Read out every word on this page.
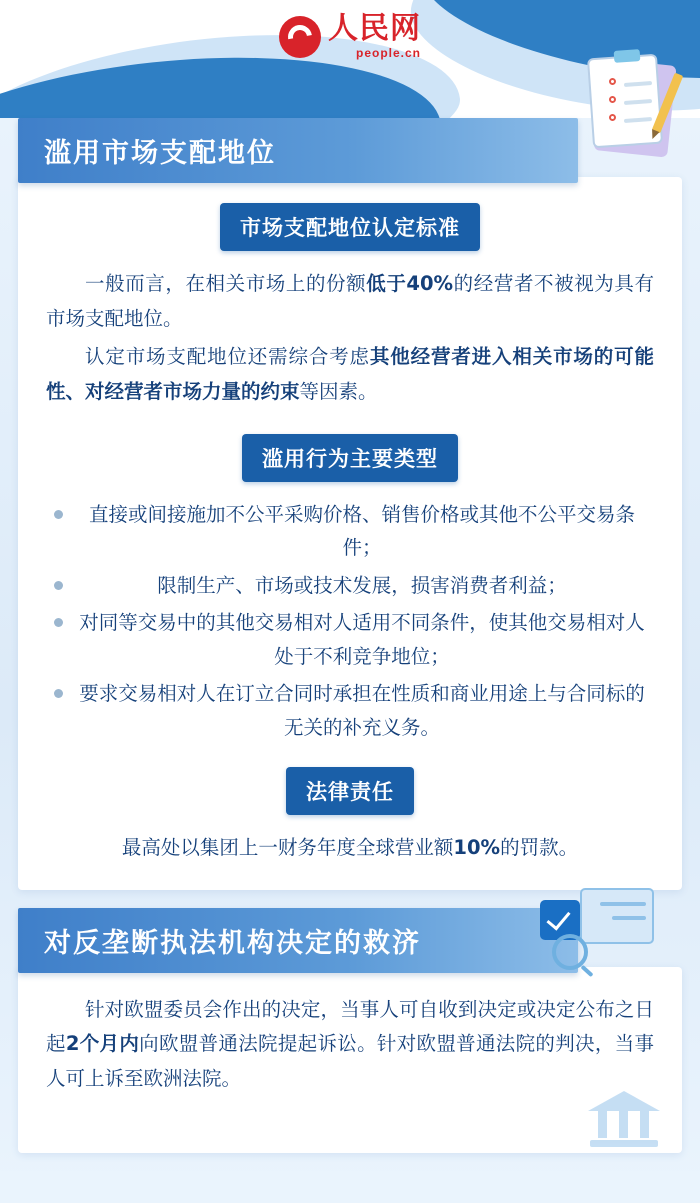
人民网
people.cn
滥用市场支配地位
市场支配地位认定标准

一般而言，在相关市场上的份额低于40%的经营者不被视为具有市场支配地位。

认定市场支配地位还需综合考虑其他经营者进入相关市场的可能性、对经营者市场力量的约束等因素。

滥用行为主要类型
直接或间接施加不公平采购价格、销售价格或其他不公平交易条件；
限制生产、市场或技术发展，损害消费者利益；
对同等交易中的其他交易相对人适用不同条件，使其他交易相对人处于不利竞争地位；
要求交易相对人在订立合同时承担在性质和商业用途上与合同标的无关的补充义务。
法律责任

最高处以集团上一财务年度全球营业额10%的罚款。

对反垄断执法机构决定的救济

针对欧盟委员会作出的决定，当事人可自收到决定或决定公布之日起2个月内向欧盟普通法院提起诉讼。针对欧盟普通法院的判决，当事人可上诉至欧洲法院。
